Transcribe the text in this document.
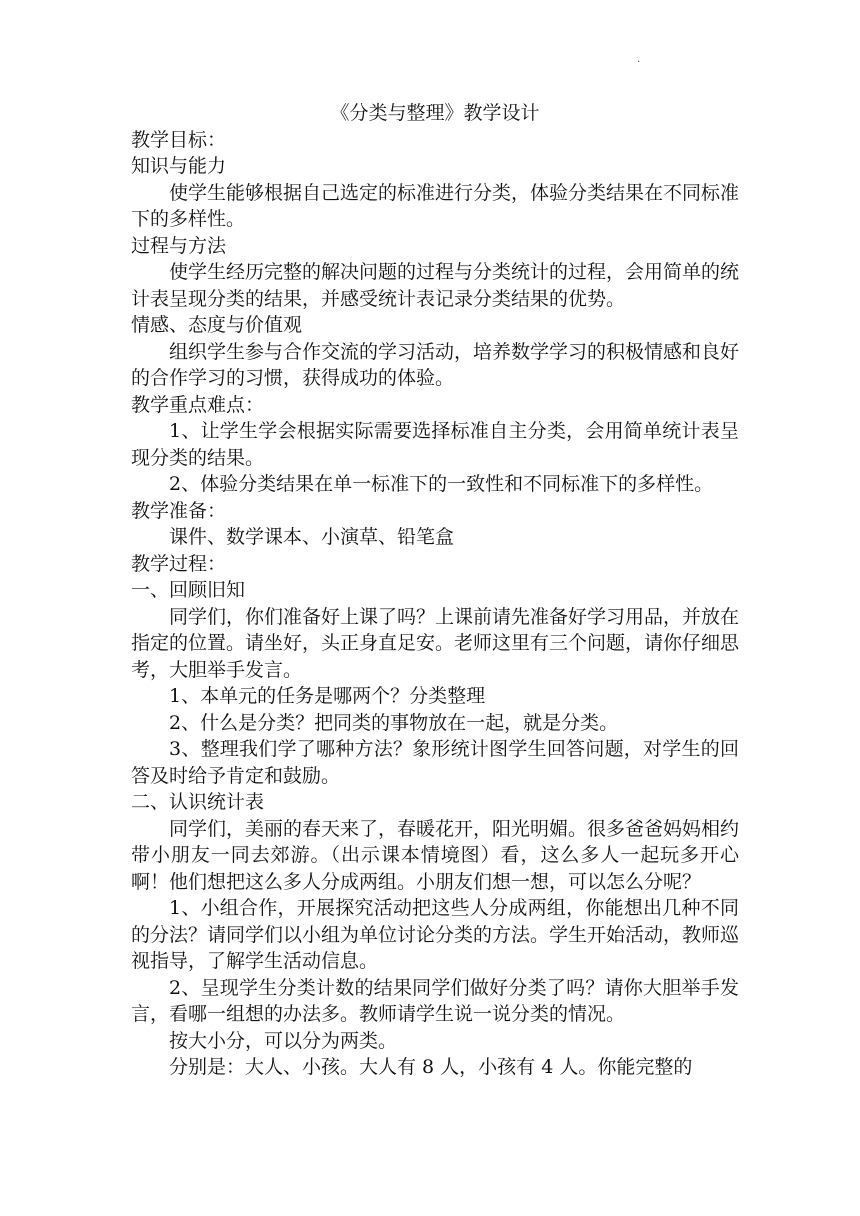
.
《分类与整理》教学设计
教学目标：
知识与能力
使学生能够根据自己选定的标准进行分类，体验分类结果在不同标准下的多样性。
过程与方法
使学生经历完整的解决问题的过程与分类统计的过程，会用简单的统计表呈现分类的结果，并感受统计表记录分类结果的优势。
情感、态度与价值观
组织学生参与合作交流的学习活动，培养数学学习的积极情感和良好的合作学习的习惯，获得成功的体验。
教学重点难点：
1、让学生学会根据实际需要选择标准自主分类，会用简单统计表呈现分类的结果。
2、体验分类结果在单一标准下的一致性和不同标准下的多样性。
教学准备：
课件、数学课本、小演草、铅笔盒
教学过程：
一、回顾旧知
同学们，你们准备好上课了吗？上课前请先准备好学习用品，并放在指定的位置。请坐好，头正身直足安。老师这里有三个问题，请你仔细思考，大胆举手发言。
1、本单元的任务是哪两个？分类整理
2、什么是分类？把同类的事物放在一起，就是分类。
3、整理我们学了哪种方法？象形统计图学生回答问题，对学生的回答及时给予肯定和鼓励。
二、认识统计表
同学们，美丽的春天来了，春暖花开，阳光明媚。很多爸爸妈妈相约带小朋友一同去郊游。（出示课本情境图）看，这么多人一起玩多开心啊！他们想把这么多人分成两组。小朋友们想一想，可以怎么分呢？
1、小组合作，开展探究活动把这些人分成两组，你能想出几种不同的分法？请同学们以小组为单位讨论分类的方法。学生开始活动，教师巡视指导，了解学生活动信息。
2、呈现学生分类计数的结果同学们做好分类了吗？请你大胆举手发言，看哪一组想的办法多。教师请学生说一说分类的情况。
按大小分，可以分为两类。
分别是：大人、小孩。大人有 8 人，小孩有 4 人。你能完整的
